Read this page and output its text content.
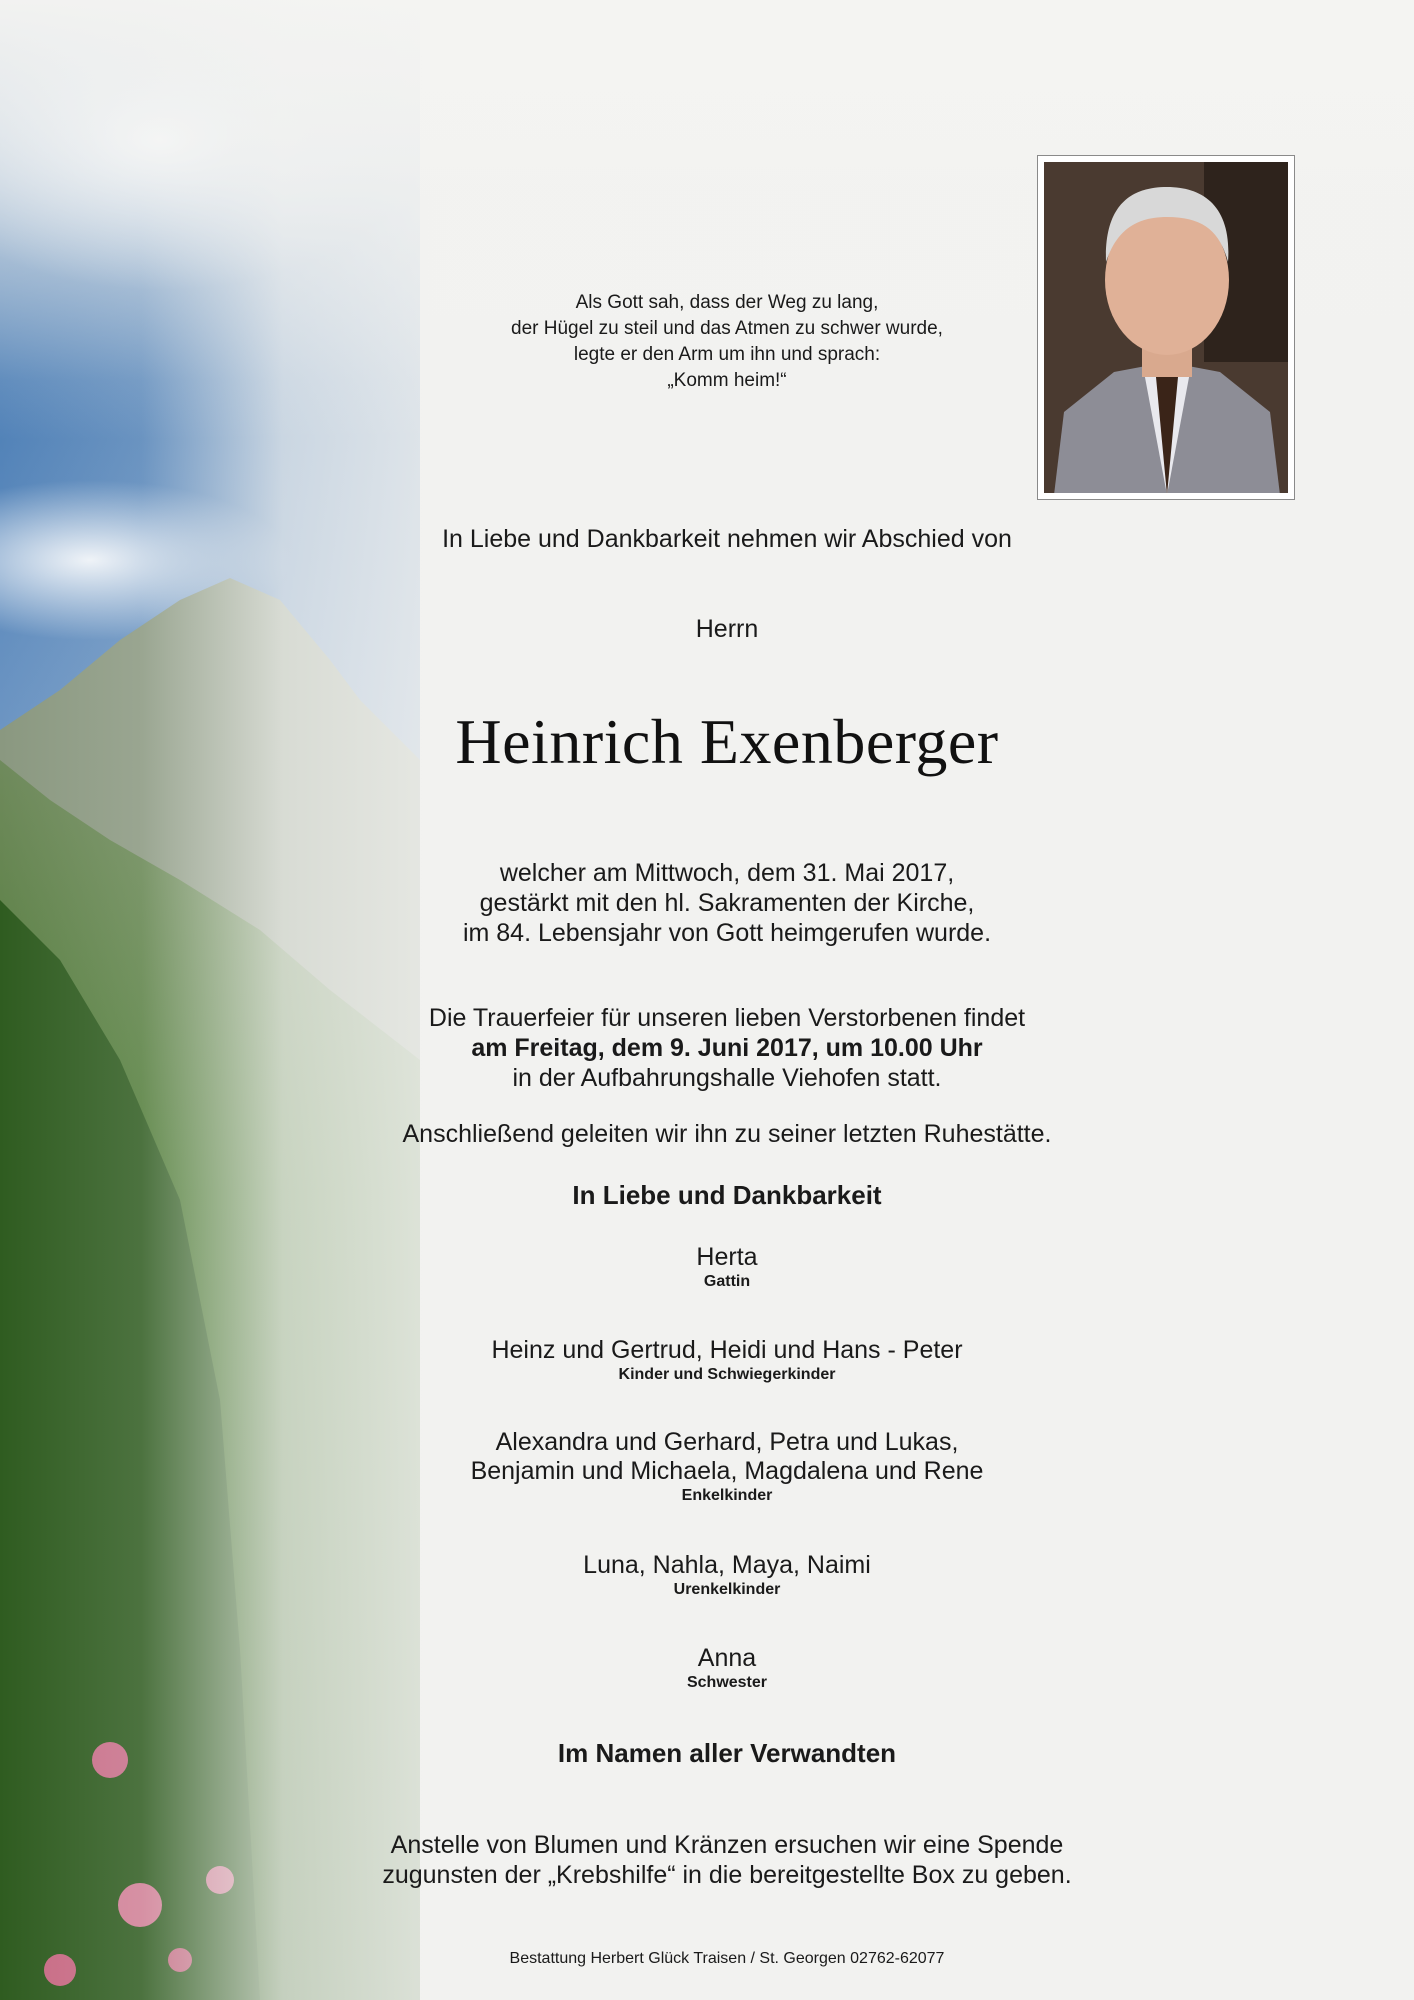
Als Gott sah, dass der Weg zu lang,
der Hügel zu steil und das Atmen zu schwer wurde,
legte er den Arm um ihn und sprach:
„Komm heim!“
In Liebe und Dankbarkeit nehmen wir Abschied von
Herrn
Heinrich Exenberger
welcher am Mittwoch, dem 31. Mai 2017,
gestärkt mit den hl. Sakramenten der Kirche,
im 84. Lebensjahr von Gott heimgerufen wurde.
Die Trauerfeier für unseren lieben Verstorbenen findet
am Freitag, dem 9. Juni 2017, um 10.00 Uhr
in der Aufbahrungshalle Viehofen statt.
Anschließend geleiten wir ihn zu seiner letzten Ruhestätte.
In Liebe und Dankbarkeit
Herta
Gattin
Heinz und Gertrud, Heidi und Hans - Peter
Kinder und Schwiegerkinder
Alexandra und Gerhard, Petra und Lukas,
Benjamin und Michaela, Magdalena und Rene
Enkelkinder
Luna, Nahla, Maya, Naimi
Urenkelkinder
Anna
Schwester
Im Namen aller Verwandten
Anstelle von Blumen und Kränzen ersuchen wir eine Spende
zugunsten der „Krebshilfe“ in die bereitgestellte Box zu geben.
Bestattung Herbert Glück Traisen / St. Georgen 02762-62077
